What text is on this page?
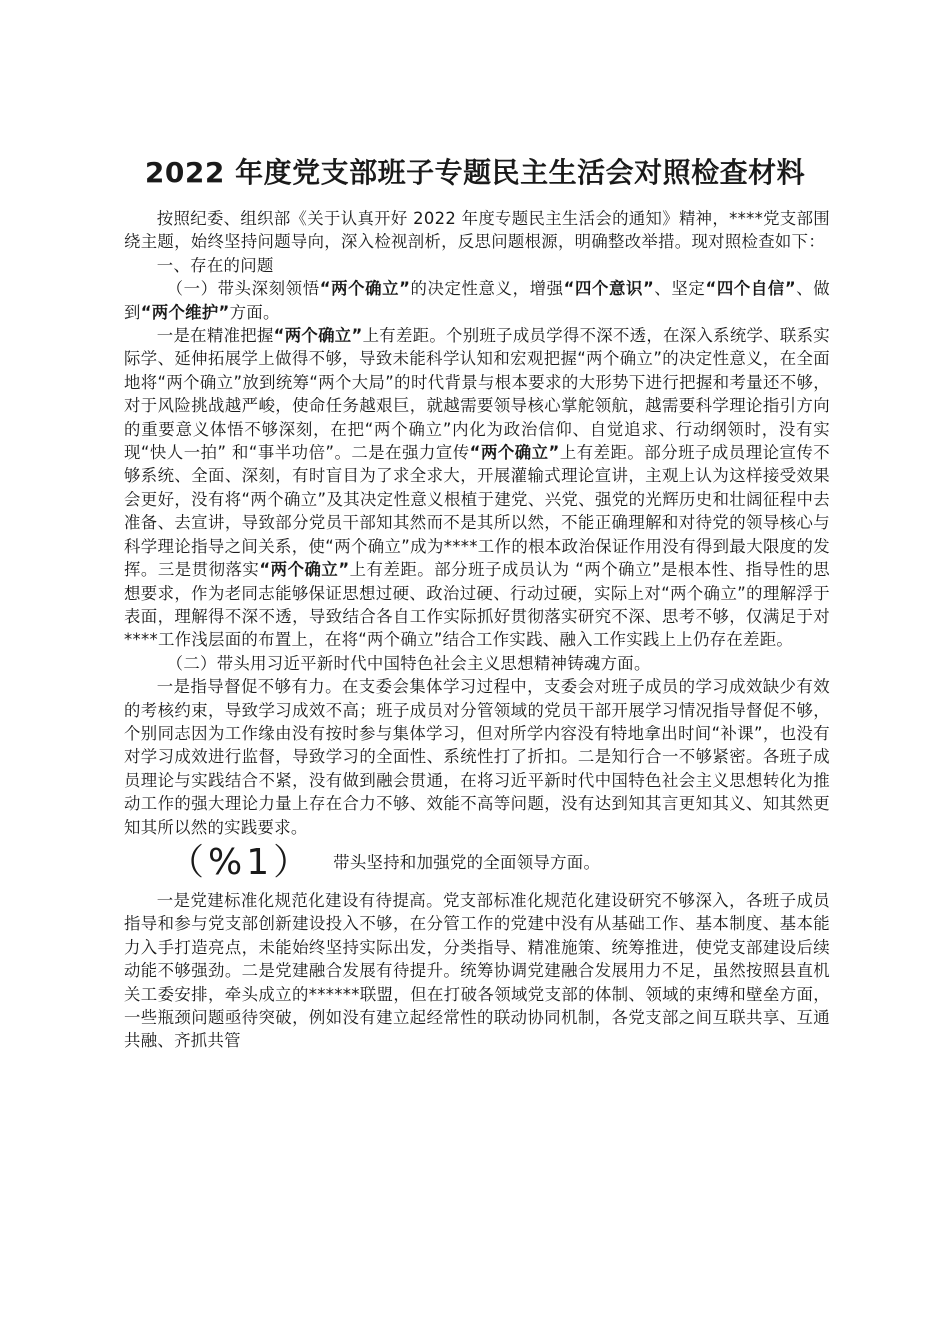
2022 年度党支部班子专题民主生活会对照检查材料

按照纪委、组织部《关于认真开好 2022 年度专题民主生活会的通知》精神，****党支部围绕主题，始终坚持问题导向，深入检视剖析，反思问题根源，明确整改举措。现对照检查如下：

一、存在的问题

（一）带头深刻领悟“两个确立”的决定性意义，增强“四个意识”、坚定“四个自信”、做到“两个维护”方面。

一是在精准把握“两个确立”上有差距。个别班子成员学得不深不透，在深入系统学、联系实际学、延伸拓展学上做得不够，导致未能科学认知和宏观把握“两个确立”的决定性意义，在全面地将“两个确立”放到统筹“两个大局”的时代背景与根本要求的大形势下进行把握和考量还不够，对于风险挑战越严峻，使命任务越艰巨，就越需要领导核心掌舵领航，越需要科学理论指引方向的重要意义体悟不够深刻，在把“两个确立”内化为政治信仰、自觉追求、行动纲领时，没有实现“快人一拍” 和“事半功倍”。二是在强力宣传“两个确立”上有差距。部分班子成员理论宣传不够系统、全面、深刻，有时盲目为了求全求大，开展灌输式理论宣讲，主观上认为这样接受效果会更好，没有将“两个确立”及其决定性意义根植于建党、兴党、强党的光辉历史和壮阔征程中去准备、去宣讲，导致部分党员干部知其然而不是其所以然，不能正确理解和对待党的领导核心与科学理论指导之间关系，使“两个确立”成为****工作的根本政治保证作用没有得到最大限度的发挥。三是贯彻落实“两个确立”上有差距。部分班子成员认为 “两个确立”是根本性、指导性的思想要求，作为老同志能够保证思想过硬、政治过硬、行动过硬，实际上对“两个确立”的理解浮于表面，理解得不深不透，导致结合各自工作实际抓好贯彻落实研究不深、思考不够，仅满足于对****工作浅层面的布置上，在将“两个确立”结合工作实践、融入工作实践上上仍存在差距。

（二）带头用习近平新时代中国特色社会主义思想精神铸魂方面。

一是指导督促不够有力。在支委会集体学习过程中，支委会对班子成员的学习成效缺少有效的考核约束，导致学习成效不高；班子成员对分管领域的党员干部开展学习情况指导督促不够，个别同志因为工作缘由没有按时参与集体学习，但对所学内容没有特地拿出时间“补课”，也没有对学习成效进行监督，导致学习的全面性、系统性打了折扣。二是知行合一不够紧密。各班子成员理论与实践结合不紧，没有做到融会贯通，在将习近平新时代中国特色社会主义思想转化为推动工作的强大理论力量上存在合力不够、效能不高等问题，没有达到知其言更知其义、知其然更知其所以然的实践要求。

（%1） 带头坚持和加强党的全面领导方面。

一是党建标准化规范化建设有待提高。党支部标准化规范化建设研究不够深入，各班子成员指导和参与党支部创新建设投入不够，在分管工作的党建中没有从基础工作、基本制度、基本能力入手打造亮点，未能始终坚持实际出发，分类指导、精准施策、统筹推进，使党支部建设后续动能不够强劲。二是党建融合发展有待提升。统筹协调党建融合发展用力不足，虽然按照县直机关工委安排，牵头成立的******联盟，但在打破各领域党支部的体制、领域的束缚和壁垒方面，一些瓶颈问题亟待突破，例如没有建立起经常性的联动协同机制，各党支部之间互联共享、互通共融、齐抓共管
